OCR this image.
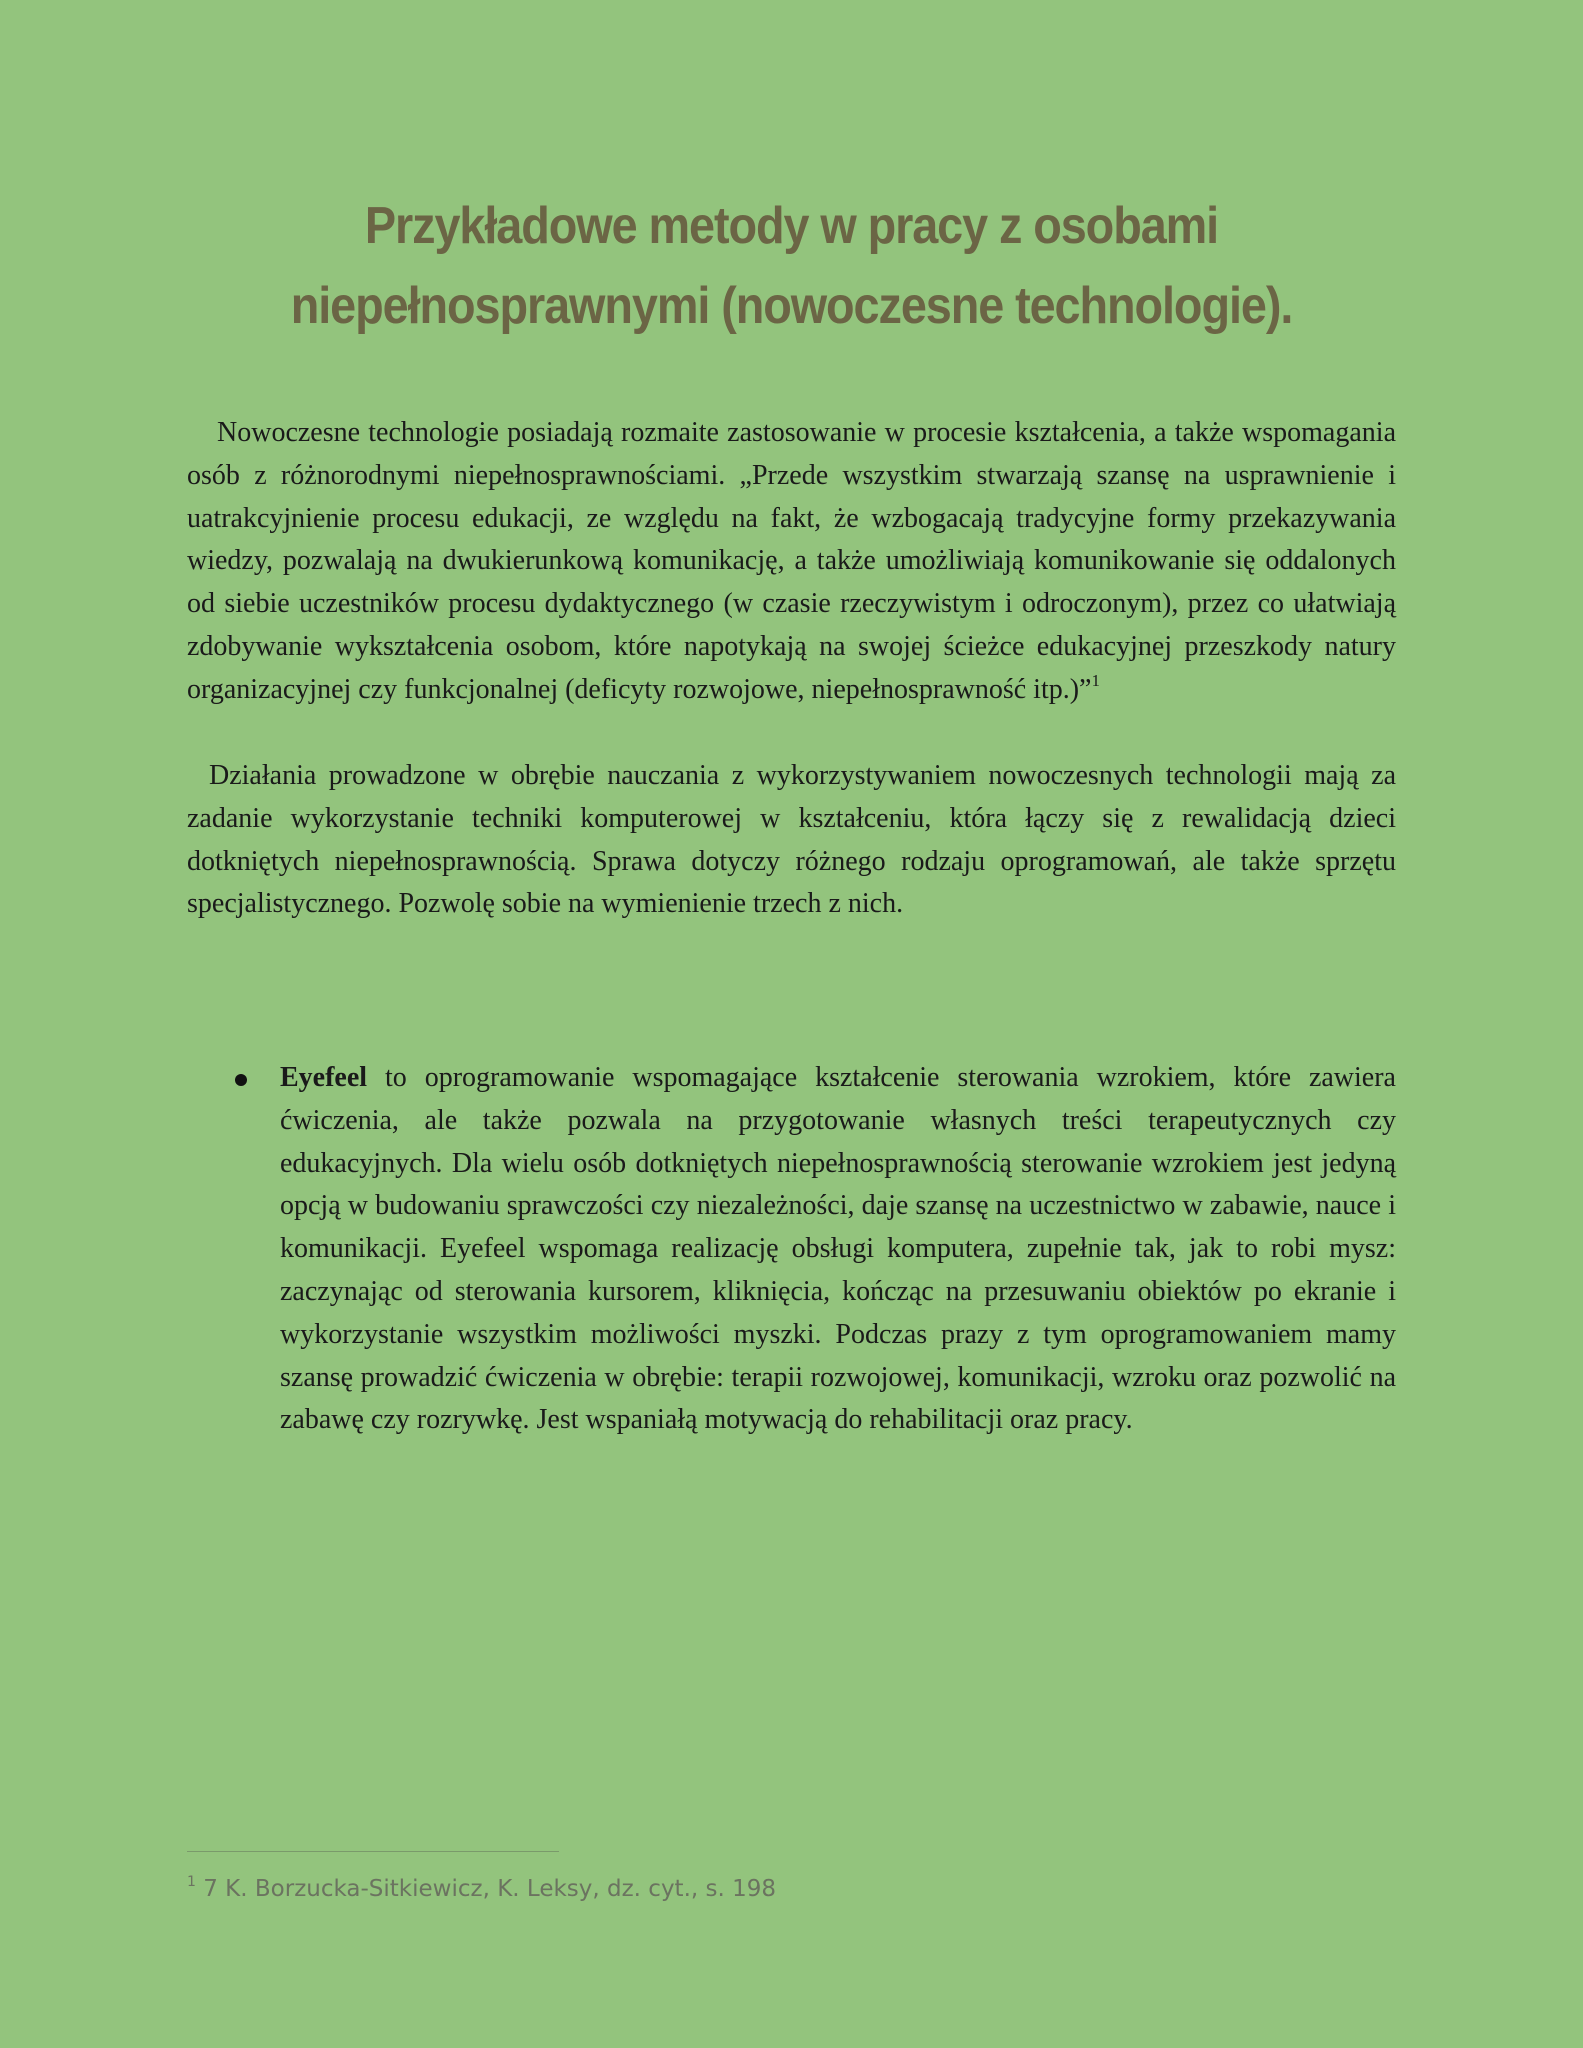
Przykładowe metody w pracy z osobami
niepełnosprawnymi (nowoczesne technologie).

Nowoczesne technologie posiadają rozmaite zastosowanie w procesie kształcenia, a także wspomagania osób z różnorodnymi niepełnosprawnościami. „Przede wszystkim stwarzają szansę na usprawnienie i uatrakcyjnienie procesu edukacji, ze względu na fakt, że wzbogacają tradycyjne formy przekazywania wiedzy, pozwalają na dwukierunkową komunikację, a także umożliwiają komunikowanie się oddalonych od siebie uczestników procesu dydaktycznego (w czasie rzeczywistym i odroczonym), przez co ułatwiają zdobywanie wykształcenia osobom, które napotykają na swojej ścieżce edukacyjnej przeszkody natury organizacyjnej czy funkcjonalnej (deficyty rozwojowe, niepełnosprawność itp.)”$^1$

Działania prowadzone w obrębie nauczania z wykorzystywaniem nowoczesnych technologii mają za zadanie wykorzystanie techniki komputerowej w kształceniu, która łączy się z rewalidacją dzieci dotkniętych niepełnosprawnością. Sprawa dotyczy różnego rodzaju oprogramowań, ale także sprzętu specjalistycznego. Pozwolę sobie na wymienienie trzech z nich.

Eyefeel to oprogramowanie wspomagające kształcenie sterowania wzrokiem, które zawiera ćwiczenia, ale także pozwala na przygotowanie własnych treści terapeutycznych czy edukacyjnych. Dla wielu osób dotkniętych niepełnosprawnością sterowanie wzrokiem jest jedyną opcją w budowaniu sprawczości czy niezależności, daje szansę na uczestnictwo w zabawie, nauce i komunikacji. Eyefeel wspomaga realizację obsługi komputera, zupełnie tak, jak to robi mysz: zaczynając od sterowania kursorem, kliknięcia, kończąc na przesuwaniu obiektów po ekranie i wykorzystanie wszystkim możliwości myszki. Podczas prazy z tym oprogramowaniem mamy szansę prowadzić ćwiczenia w obrębie: terapii rozwojowej, komunikacji, wzroku oraz pozwolić na zabawę czy rozrywkę. Jest wspaniałą motywacją do rehabilitacji oraz pracy.

$^1$ 7 K. Borzucka-Sitkiewicz, K. Leksy, dz. cyt., s. 198
